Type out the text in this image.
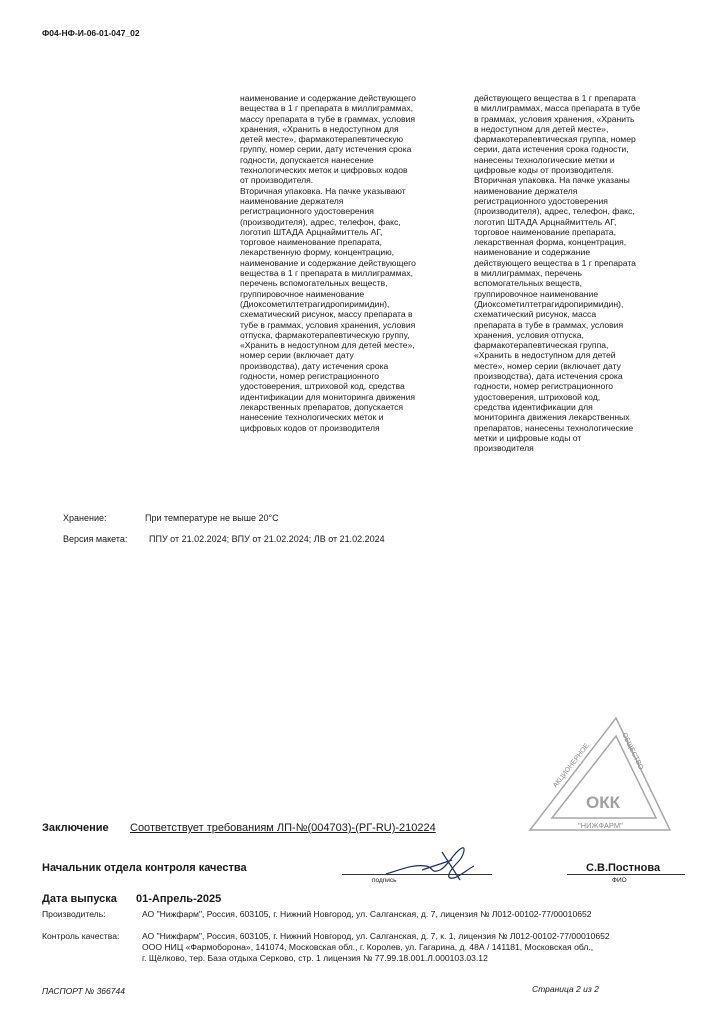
Ф04-НФ-И-06-01-047_02
наименование и содержание действующего
вещества в 1 г препарата в миллиграммах,
массу препарата в тубе в граммах, условия
хранения, «Хранить в недоступном для
детей месте», фармакотерапевтическую
группу, номер серии, дату истечения срока
годности, допускается нанесение
технологических меток и цифровых кодов
от производителя.
Вторичная упаковка. На пачке указывают
наименование держателя
регистрационного удостоверения
(производителя), адрес, телефон, факс,
логотип ШТАДА Арцнаймиттель АГ,
торговое наименование препарата,
лекарственную форму, концентрацию,
наименование и содержание действующего
вещества в 1 г препарата в миллиграммах,
перечень вспомогательных веществ,
группировочное наименование
(Диоксометилтетрагидропиримидин),
схематический рисунок, массу препарата в
тубе в граммах, условия хранения, условия
отпуска, фармакотерапевтическую группу,
«Хранить в недоступном для детей месте»,
номер серии (включает дату
производства), дату истечения срока
годности, номер регистрационного
удостоверения, штриховой код, средства
идентификации для мониторинга движения
лекарственных препаратов, допускается
нанесение технологических меток и
цифровых кодов от производителя
действующего вещества в 1 г препарата
в миллиграммах, масса препарата в тубе
в граммах, условия хранения, «Хранить
в недоступном для детей месте»,
фармакотерапевтическая группа, номер
серии, дата истечения срока годности,
нанесены технологические метки и
цифровые коды от производителя.
Вторичная упаковка. На пачке указаны
наименование держателя
регистрационного удостоверения
(производителя), адрес, телефон, факс,
логотип ШТАДА Арцнаймиттель АГ,
торговое наименование препарата,
лекарственная форма, концентрация,
наименование и содержание
действующего вещества в 1 г препарата
в миллиграммах, перечень
вспомогательных веществ,
группировочное наименование
(Диоксометилтетрагидропиримидин),
схематический рисунок, масса
препарата в тубе в граммах, условия
хранения, условия отпуска,
фармакотерапевтическая группа,
«Хранить в недоступном для детей
месте», номер серии (включает дату
производства), дата истечения срока
годности, номер регистрационного
удостоверения, штриховой код,
средства идентификации для
мониторинга движения лекарственных
препаратов, нанесены технологические
метки и цифровые коды от
производителя
Хранение:	При температуре не выше 20°С
Версия макета: ППУ от 21.02.2024; ВПУ от 21.02.2024; ЛВ от 21.02.2024
АКЦИОНЕРНОЕ	ОБЩЕСТВО
ОКК
"НИЖФАРМ"
Заключение Соответствует требованиям ЛП-№(004703)-(РГ-RU)-210224
Начальник отдела контроля качества
подпись
С.В.Постнова
ФИО
Дата выпуска 01-Апрель-2025
Производитель:	АО "Нижфарм", Россия, 603105, г. Нижний Новгород, ул. Салганская, д. 7, лицензия № Л012-00102-77/00010652
Контроль качества:	АО "Нижфарм", Россия, 603105, г. Нижний Новгород, ул. Салганская, д. 7, к. 1, лицензия № Л012-00102-77/00010652
ООО НИЦ «Фармоборона», 141074, Московская обл., г. Королев, ул. Гагарина, д. 48А / 141181, Московская обл.,
г. Щёлково, тер. База отдыха Серково, стр. 1 лицензия № 77.99.18.001.Л.000103.03.12
ПАСПОРТ № 366744	Страница 2 из 2
